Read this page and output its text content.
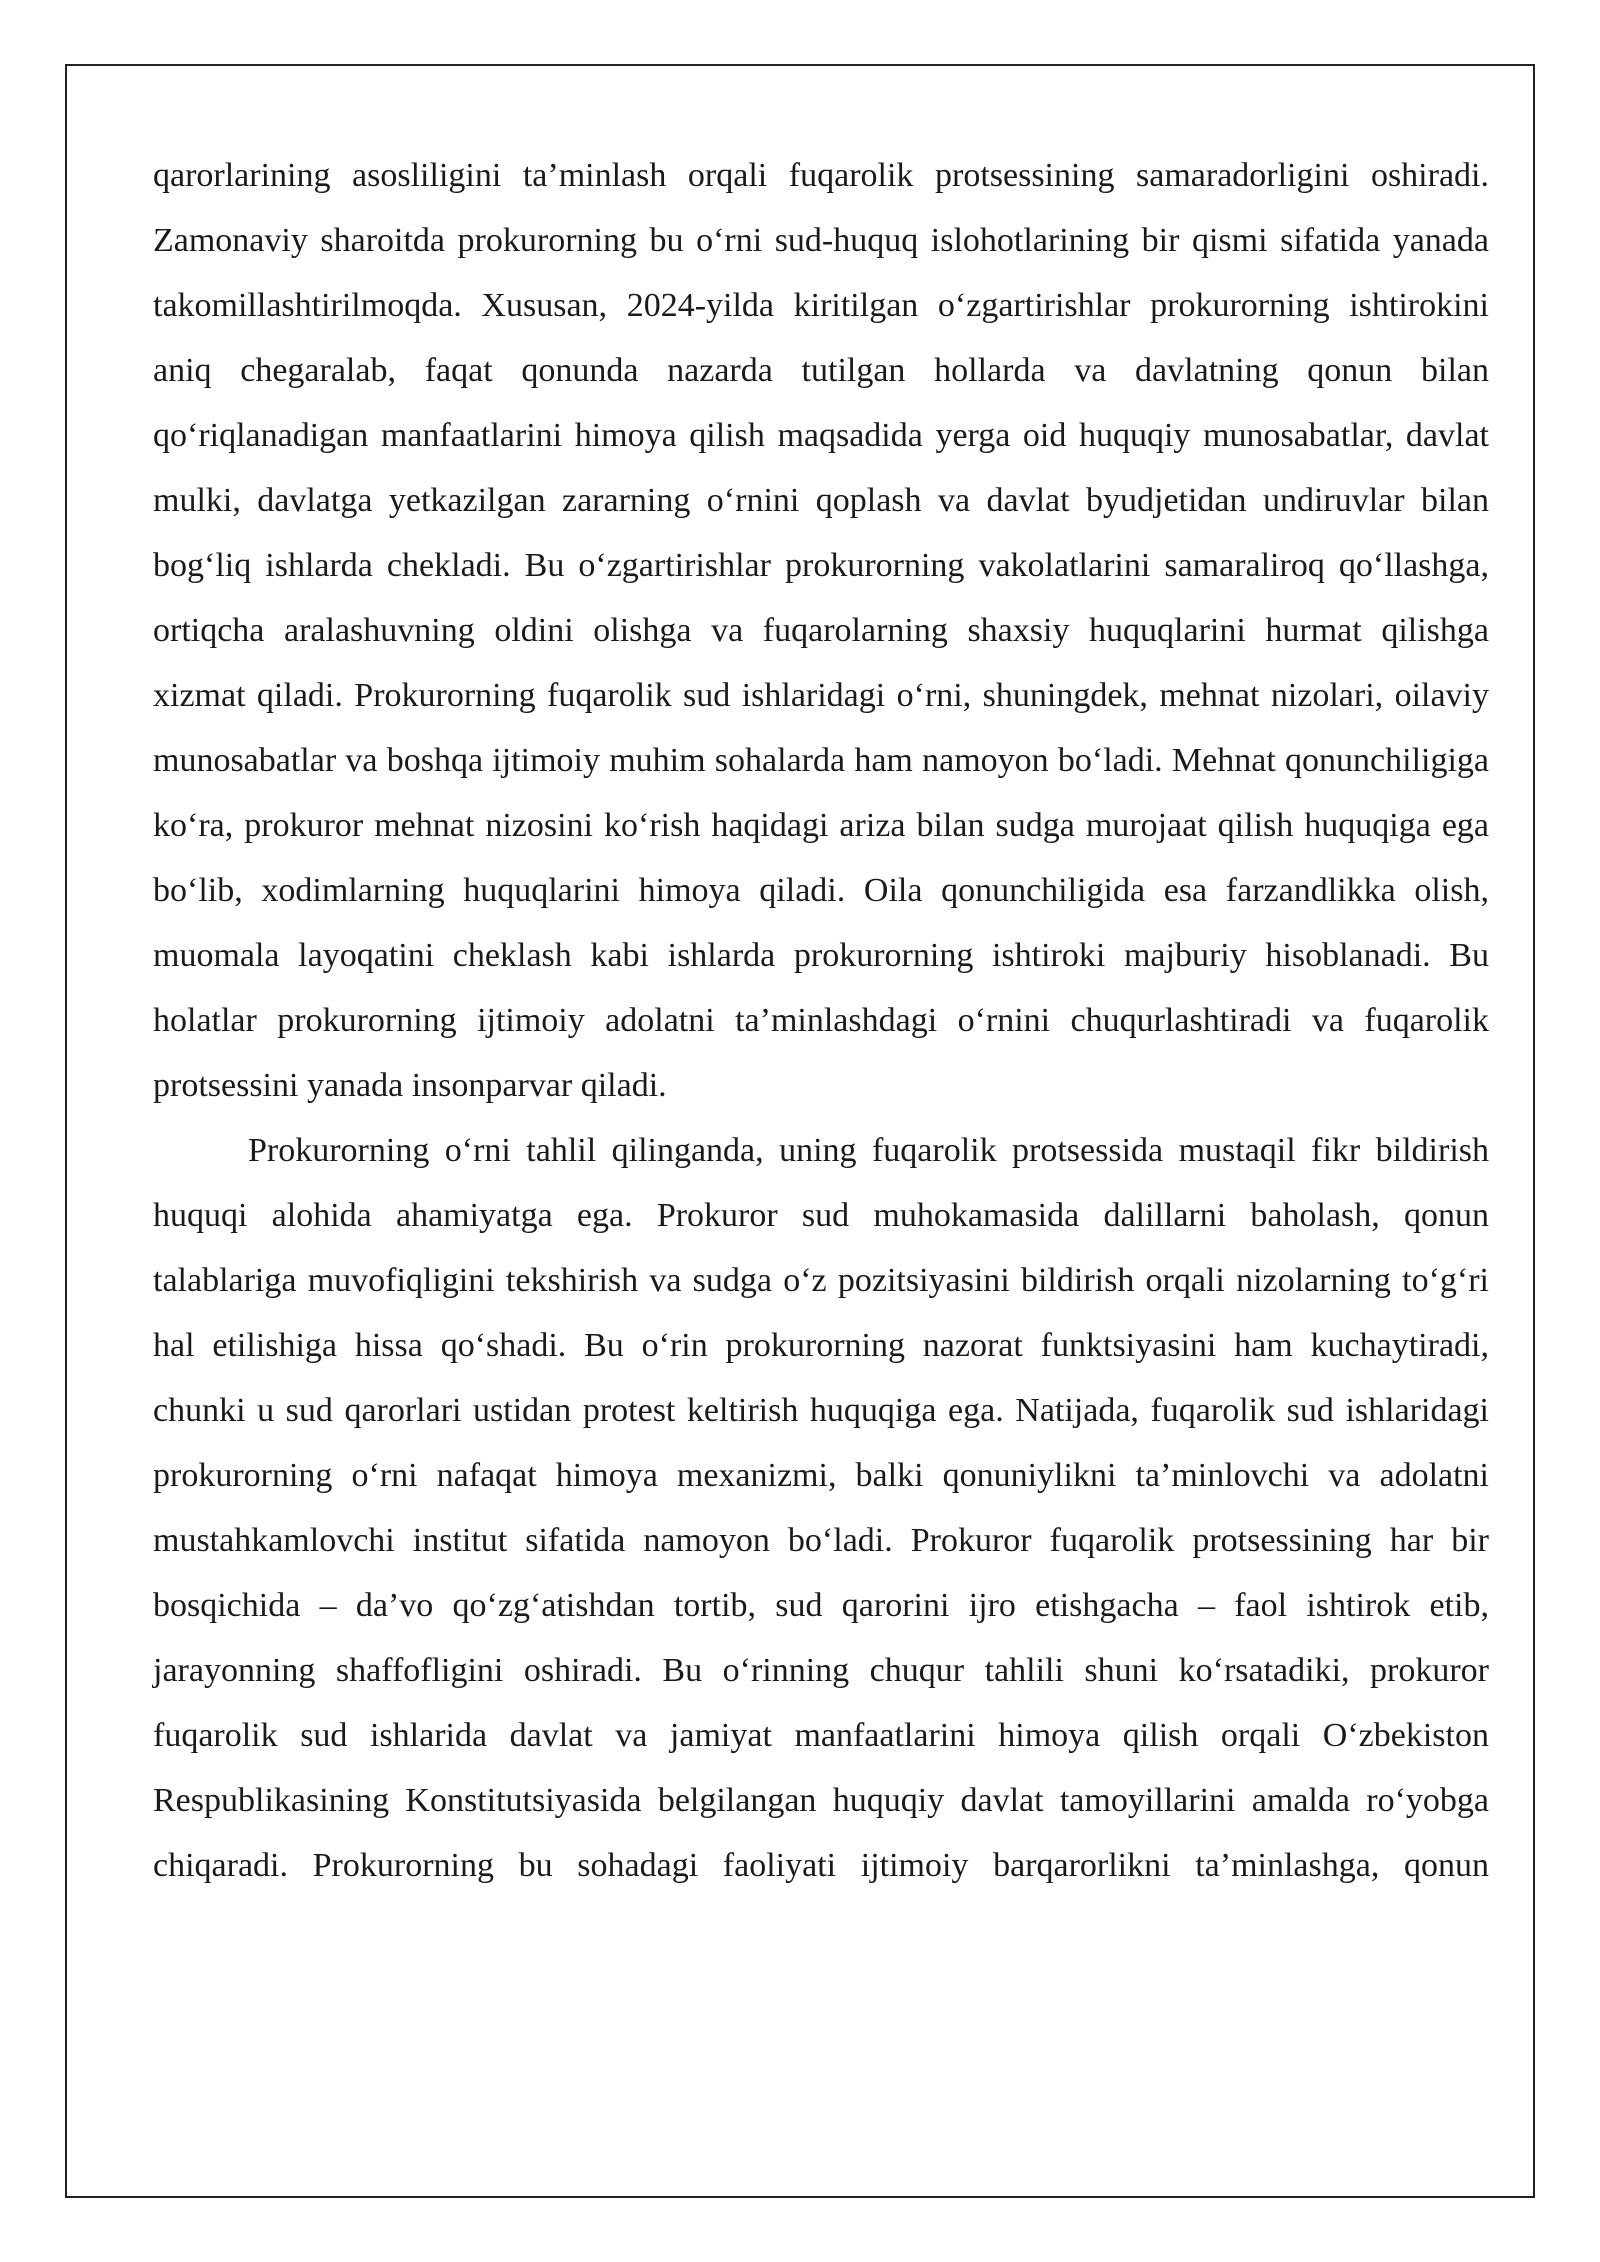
qarorlarining asosliligini ta’minlash orqali fuqarolik protsessining samaradorligini oshiradi. Zamonaviy sharoitda prokurorning bu o‘rni sud-huquq islohotlarining bir qismi sifatida yanada takomillashtirilmoqda. Xususan, 2024-yilda kiritilgan o‘zgartirishlar prokurorning ishtirokini aniq chegaralab, faqat qonunda nazarda tutilgan hollarda va davlatning qonun bilan qo‘riqlanadigan manfaatlarini himoya qilish maqsadida yerga oid huquqiy munosabatlar, davlat mulki, davlatga yetkazilgan zararning o‘rnini qoplash va davlat byudjetidan undiruvlar bilan bog‘liq ishlarda chekladi. Bu o‘zgartirishlar prokurorning vakolatlarini samaraliroq qo‘llashga, ortiqcha aralashuvning oldini olishga va fuqarolarning shaxsiy huquqlarini hurmat qilishga xizmat qiladi. Prokurorning fuqarolik sud ishlaridagi o‘rni, shuningdek, mehnat nizolari, oilaviy munosabatlar va boshqa ijtimoiy muhim sohalarda ham namoyon bo‘ladi. Mehnat qonunchiligiga ko‘ra, prokuror mehnat nizosini ko‘rish haqidagi ariza bilan sudga murojaat qilish huquqiga ega bo‘lib, xodimlarning huquqlarini himoya qiladi. Oila qonunchiligida esa farzandlikka olish, muomala layoqatini cheklash kabi ishlarda prokurorning ishtiroki majburiy hisoblanadi. Bu holatlar prokurorning ijtimoiy adolatni ta’minlashdagi o‘rnini chuqurlashtiradi va fuqarolik protsessini yanada insonparvar qiladi.

Prokurorning o‘rni tahlil qilinganda, uning fuqarolik protsessida mustaqil fikr bildirish huquqi alohida ahamiyatga ega. Prokuror sud muhokamasida dalillarni baholash, qonun talablariga muvofiqligini tekshirish va sudga o‘z pozitsiyasini bildirish orqali nizolarning to‘g‘ri hal etilishiga hissa qo‘shadi. Bu o‘rin prokurorning nazorat funktsiyasini ham kuchaytiradi, chunki u sud qarorlari ustidan protest keltirish huquqiga ega. Natijada, fuqarolik sud ishlaridagi prokurorning o‘rni nafaqat himoya mexanizmi, balki qonuniylikni ta’minlovchi va adolatni mustahkamlovchi institut sifatida namoyon bo‘ladi. Prokuror fuqarolik protsessining har bir bosqichida – da’vo qo‘zg‘atishdan tortib, sud qarorini ijro etishgacha – faol ishtirok etib, jarayonning shaffofligini oshiradi. Bu o‘rinning chuqur tahlili shuni ko‘rsatadiki, prokuror fuqarolik sud ishlarida davlat va jamiyat manfaatlarini himoya qilish orqali O‘zbekiston Respublikasining Konstitutsiyasida belgilangan huquqiy davlat tamoyillarini amalda ro‘yobga chiqaradi. Prokurorning bu sohadagi faoliyati ijtimoiy barqarorlikni ta’minlashga, qonun
